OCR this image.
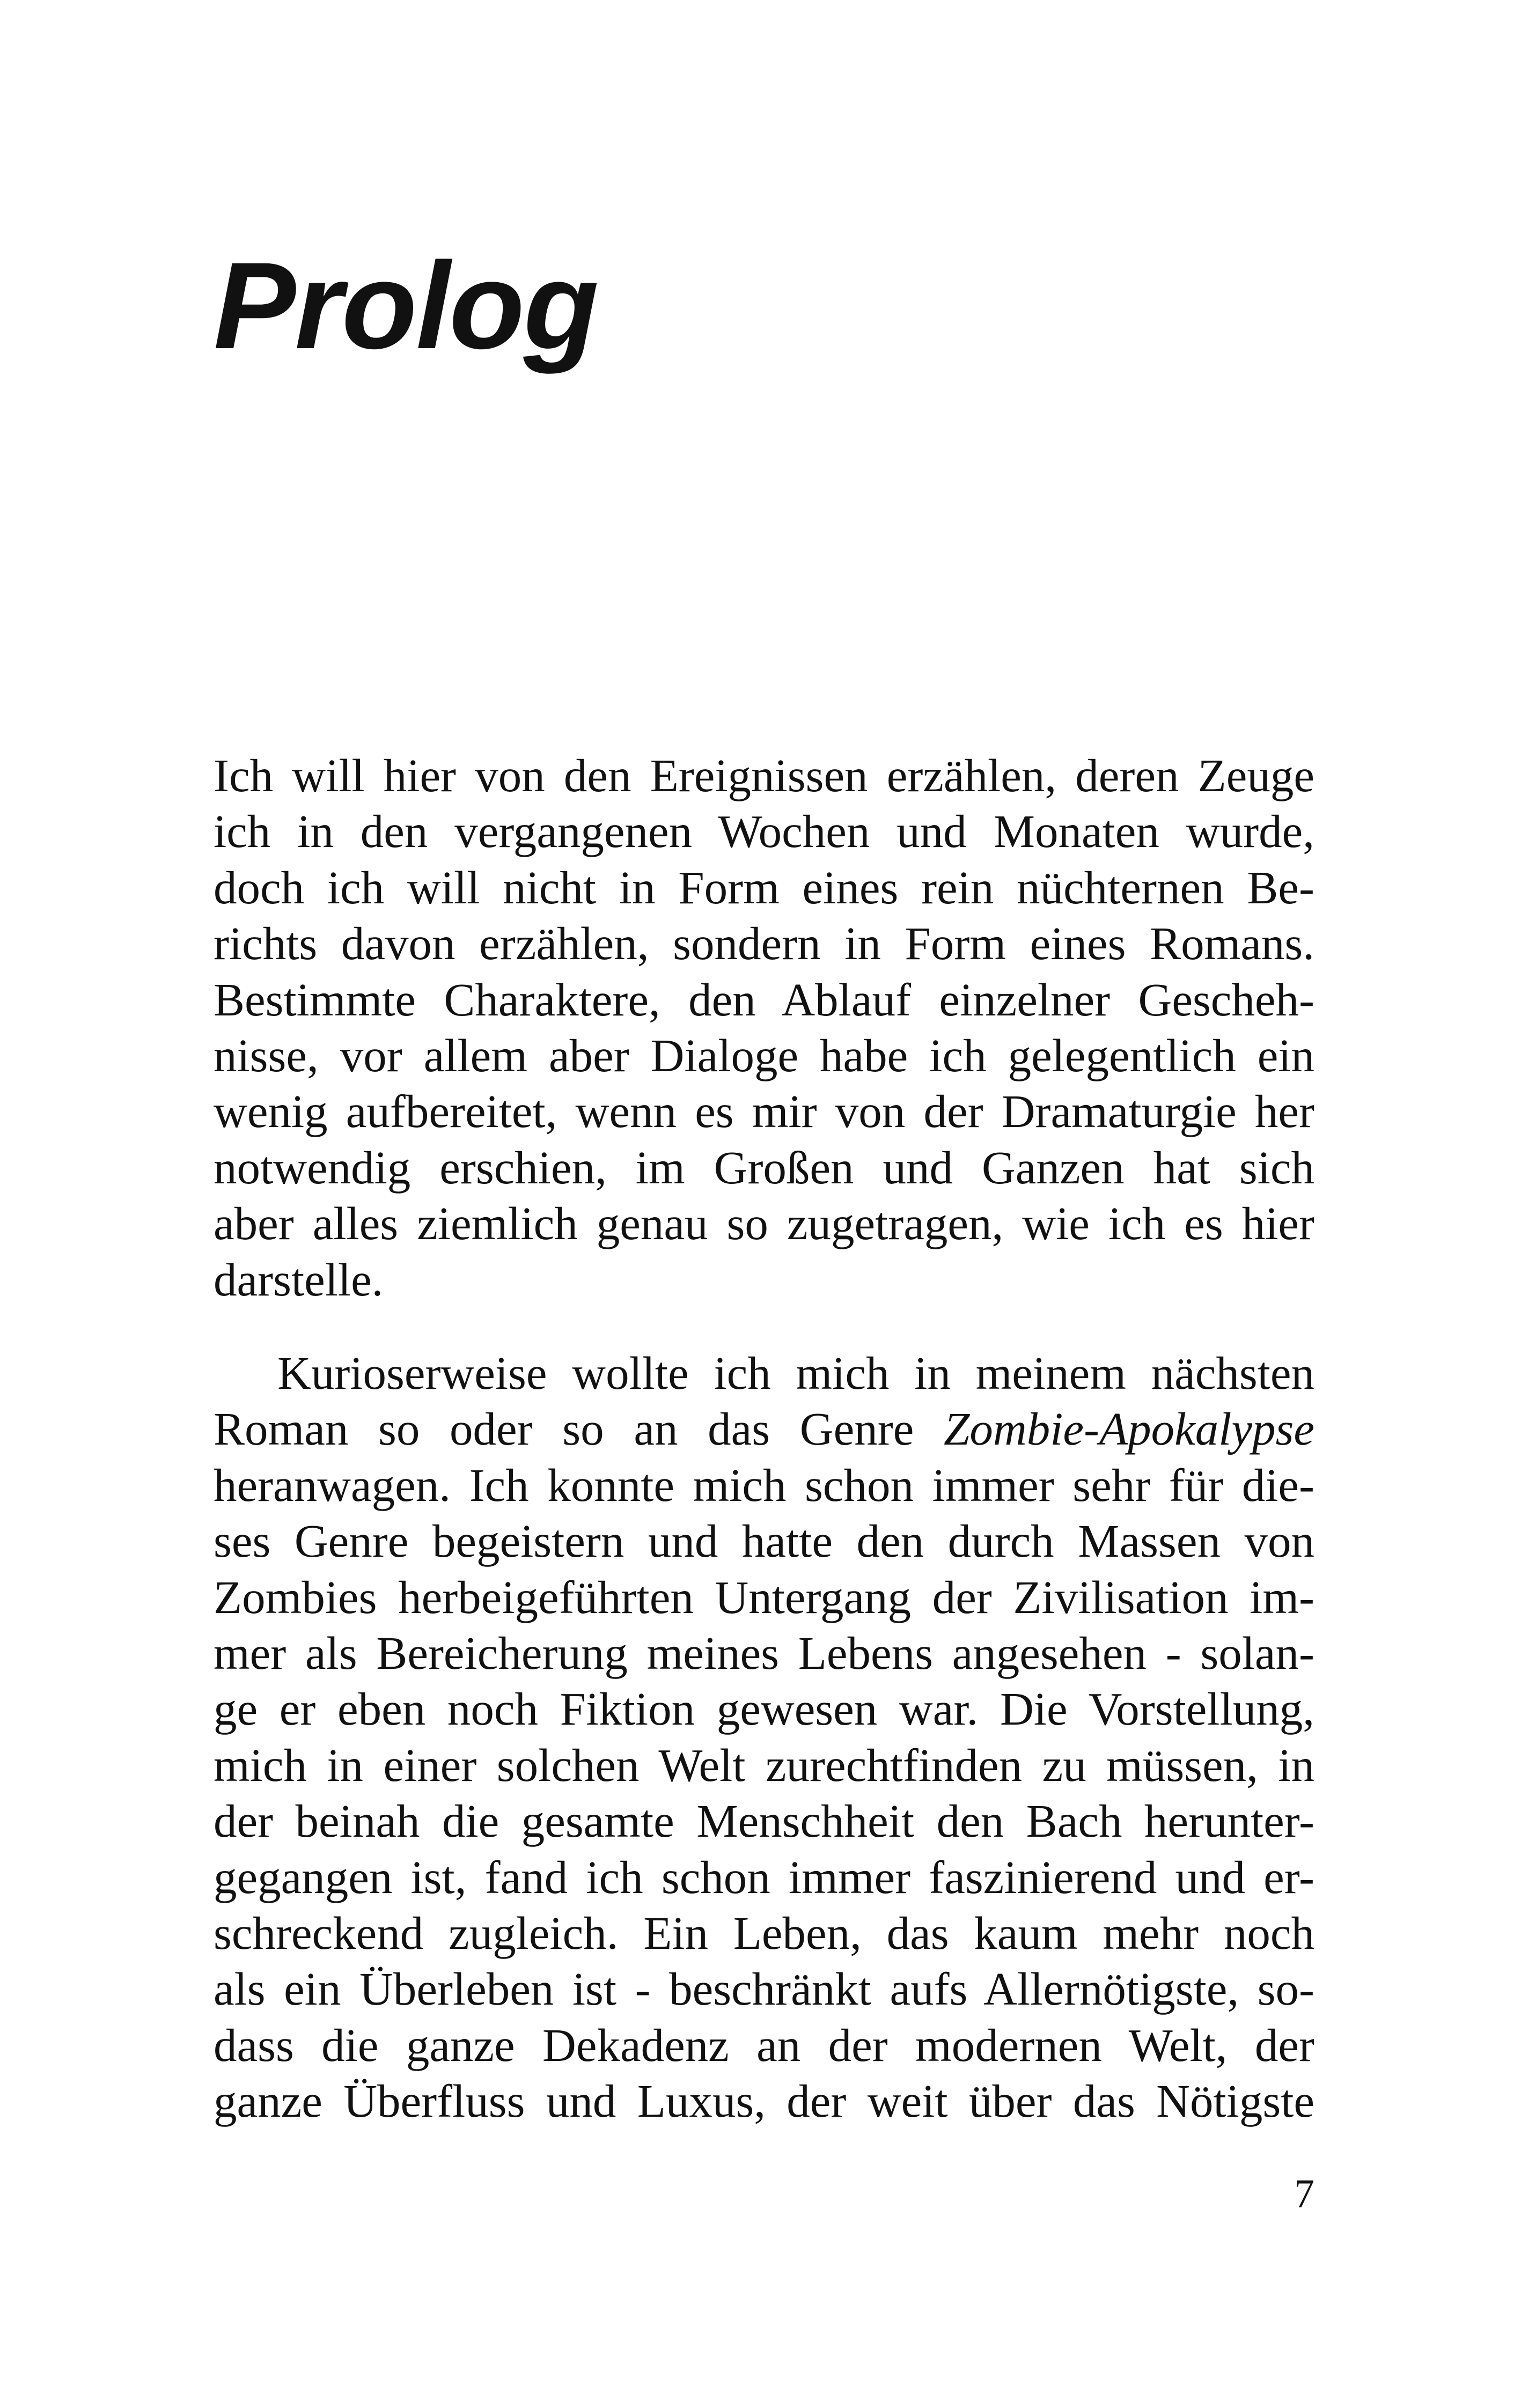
Prolog
Ich will hier von den Ereignissen erzählen, deren Zeuge
ich in den vergangenen Wochen und Monaten wurde,
doch ich will nicht in Form eines rein nüchternen Be-
richts davon erzählen, sondern in Form eines Romans.
Bestimmte Charaktere, den Ablauf einzelner Gescheh-
nisse, vor allem aber Dialoge habe ich gelegentlich ein
wenig aufbereitet, wenn es mir von der Dramaturgie her
notwendig erschien, im Großen und Ganzen hat sich
aber alles ziemlich genau so zugetragen, wie ich es hier
darstelle.
Kurioserweise wollte ich mich in meinem nächsten
Roman so oder so an das Genre Zombie-Apokalypse
heranwagen. Ich konnte mich schon immer sehr für die-
ses Genre begeistern und hatte den durch Massen von
Zombies herbeigeführten Untergang der Zivilisation im-
mer als Bereicherung meines Lebens angesehen - solan-
ge er eben noch Fiktion gewesen war. Die Vorstellung,
mich in einer solchen Welt zurechtfinden zu müssen, in
der beinah die gesamte Menschheit den Bach herunter-
gegangen ist, fand ich schon immer faszinierend und er-
schreckend zugleich. Ein Leben, das kaum mehr noch
als ein Überleben ist - beschränkt aufs Allernötigste, so-
dass die ganze Dekadenz an der modernen Welt, der
ganze Überfluss und Luxus, der weit über das Nötigste
7
